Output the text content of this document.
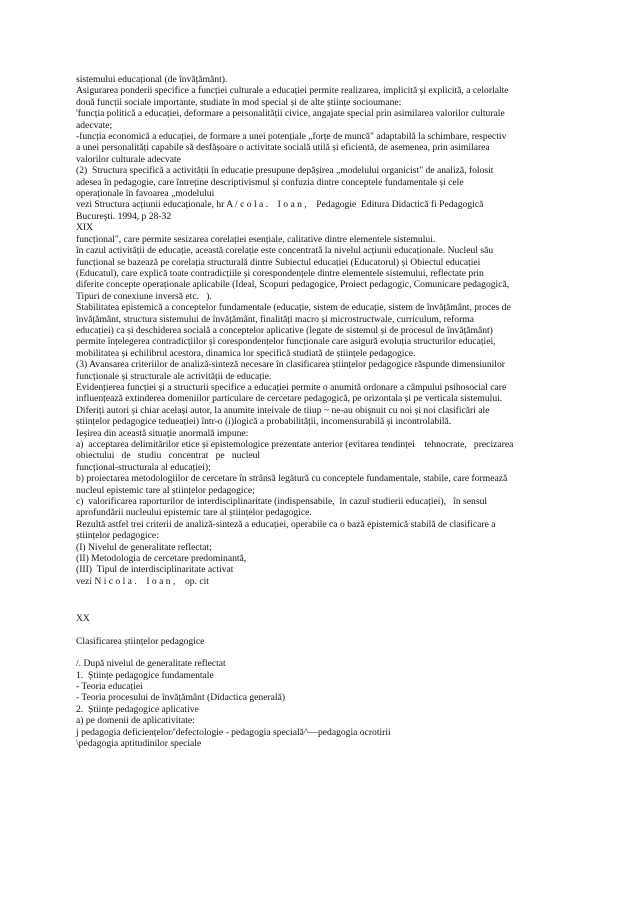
sistemului educațional (de învățământ).
Asigurarea ponderii specifice a funcției culturale a educației permite realizarea, implicită și explicită, a celorlalte
două funcții sociale importante, studiate în mod special și de alte științe socioumane:
'funcția politică a educației, deformare a personalității civice, angajate special prin asimilarea valorilor culturale
adecvate;
-funcția economică a educației, de formare a unei potențiale „forțe de muncă" adaptabilă la schimbare, respectiv
a unei personalități capabile să desfășoare o activitate socială utilă și eficientă, de asemenea, prin asimilarea
valorilor culturale adecvate
(2)  Structura specifică a activității în educație presupune depășirea „modelului organicist" de analiză, folosit
adesea în pedagogie, care întreține descriptivismul și confuzia dintre conceptele fundamentale și cele
operaționale în favoarea „modelului
vezi Structura acțiunii educaționale, hr A / c o l a .    I o a n ,    Pedagogie  Editura Didactică fi Pedagogică
București. 1994, p 28-32
XIX
funcțional", care permite sesizarea corelației esențiale, calitative dintre elementele sistemului.
în cazul activității de educație, această corelație este concentrată la nivelul acțiunii educaționale. Nucleul său
funcțional se bazează pe corelația structurală dintre Subiectul educației (Educatorul) și Obiectul educației
(Educatul), care explică toate contradicțiile și corespondențele dintre elementele sistemului, reflectate prin
diferite concepte operaționale aplicabile (Ideal, Scopuri pedagogice, Proiect pedagogic, Comunicare pedagogică,
Tipuri de conexiune inversă etc.   ).
Stabilitatea epistemică a conceptelor fundamentale (educație, sistem de educație, sistem de învățământ, proces de
învățământ, structura sistemului de învățământ, finalități macro și microstructwale, curriculum, reforma
educației) ca și deschiderea socială a conceptelor aplicative (legate de sistemul și de procesul de învățământ)
permite înțelegerea contradicțiilor și corespondențelor funcționale care asigură evoluția structurilor educației,
mobilitatea și echilibrul acestora, dinamica lor specifică studiată de științele pedagogice.
(3) Avansarea criteriilor de analiză-sinteză necesare în clasificarea științelor pedagogice răspunde dimensiunilor
funcționale și structurale ale activității de educație.
Evidențierea funcției și a structurii specifice a educației permite o anumită ordonare a câmpului psihosocial care
influențează extinderea domeniilor particulare de cercetare pedagogică, pe orizontala și pe verticala sistemului.
Diferiți autori și chiar același autor, la anumite inteivale de tiiup ~ ne-au obișnuit cu noi și noi clasificări ale
științelor pedagogice tedueației) într-o (i)logică a probabilității, incomensurabilă și incontrolabilă.
Ieșirea din această situație anormală impune:
a)  acceptarea delimitărilor etice și epistemologice prezentate anterior (evitarea tendinței    tehnocrate,   precizarea
obiectului   de   studiu   concentrat   pe   nucleul
funcțional-structurala al educației);
b) proiectarea metodologiilor de cercetare în strânsă legătură cu conceptele fundamentale, stabile, care formează
nucleul epistemic tare al științelor pedagogice;
c)  valorificarea raporturilor de interdisciplinaritate (indispensabile,  în cazul studierii educației),   în sensul
aprofundării nucleului epistemic tare al științelor pedagogice.
Rezultă astfel trei criterii de analiză-sinteză a educației, operabile ca o bază epistemică stabilă de clasificare a
științelor pedagogice:
(I) Nivelul de generalitate reflectat;
(II) Metodologia de cercetare predominantă,
(III)  Tipul de interdisciplinaritate activat
vezi N i c o l a .    I o a n ,    op. cit
XX
Clasificarea științelor pedagogice
/. După nivelul de generalitate reflectat
1.  Științe pedagogice fundamentale
- Teoria educației
- Teoria procesului de învățământ (Didactica generală)
2.  Științe pedagogice aplicative
a) pe domenii de aplicativitate:
j pedagogia deficiențelor/'defectologie - pedagogia specială^—pedagogia ocrotirii
\pedagogia aptitudinilor speciale
